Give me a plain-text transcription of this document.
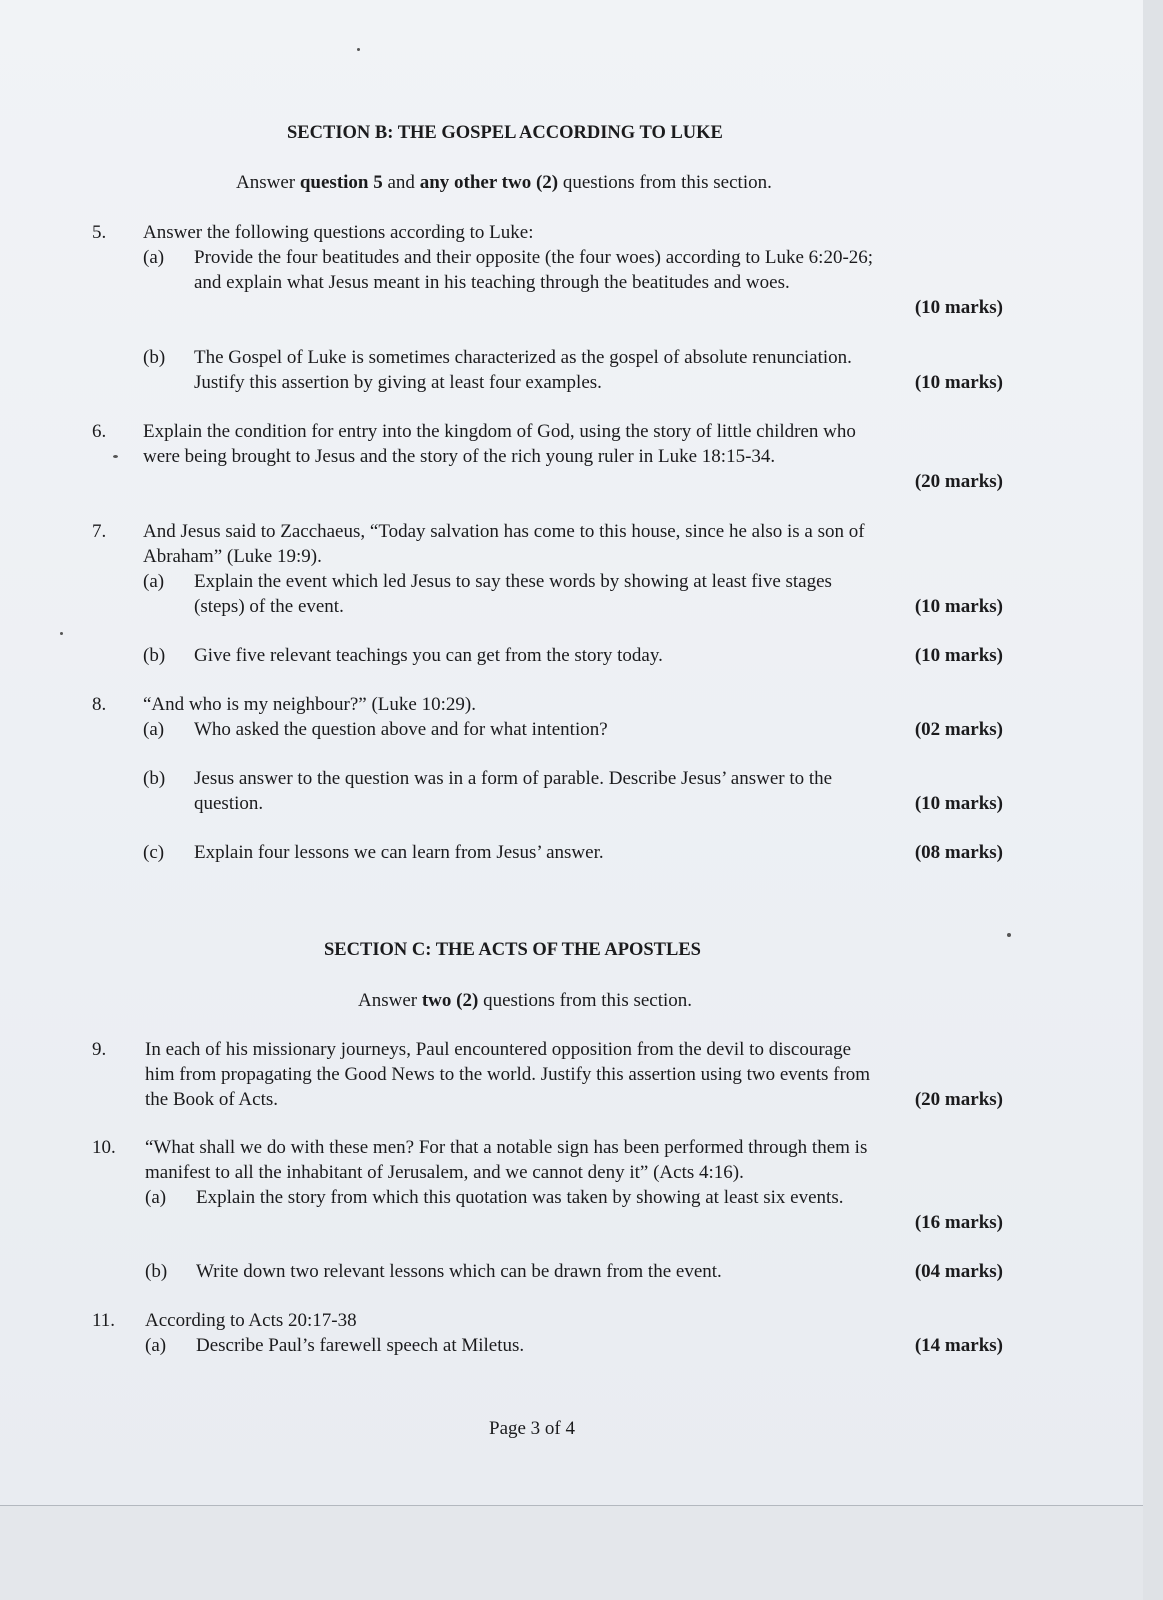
SECTION B: THE GOSPEL ACCORDING TO LUKE
Answer question 5 and any other two (2) questions from this section.
5. Answer the following questions according to Luke:
(a) Provide the four beatitudes and their opposite (the four woes) according to Luke 6:20-26;
and explain what Jesus meant in his teaching through the beatitudes and woes.
(10 marks)
(b) The Gospel of Luke is sometimes characterized as the gospel of absolute renunciation.
Justify this assertion by giving at least four examples.	(10 marks)
6. Explain the condition for entry into the kingdom of God, using the story of little children who
were being brought to Jesus and the story of the rich young ruler in Luke 18:15-34.
(20 marks)
7. And Jesus said to Zacchaeus, “Today salvation has come to this house, since he also is a son of
Abraham” (Luke 19:9).
(a) Explain the event which led Jesus to say these words by showing at least five stages
(steps) of the event.	(10 marks)
(b) Give five relevant teachings you can get from the story today.	(10 marks)
8. “And who is my neighbour?” (Luke 10:29).
(a) Who asked the question above and for what intention?	(02 marks)
(b) Jesus answer to the question was in a form of parable. Describe Jesus’ answer to the
question.	(10 marks)
(c) Explain four lessons we can learn from Jesus’ answer.	(08 marks)
SECTION C: THE ACTS OF THE APOSTLES
Answer two (2) questions from this section.
9. In each of his missionary journeys, Paul encountered opposition from the devil to discourage
him from propagating the Good News to the world. Justify this assertion using two events from
the Book of Acts.	(20 marks)
10. “What shall we do with these men? For that a notable sign has been performed through them is
manifest to all the inhabitant of Jerusalem, and we cannot deny it” (Acts 4:16).
(a) Explain the story from which this quotation was taken by showing at least six events.
(16 marks)
(b) Write down two relevant lessons which can be drawn from the event.	(04 marks)
11. According to Acts 20:17-38
(a) Describe Paul’s farewell speech at Miletus.	(14 marks)
Page 3 of 4
